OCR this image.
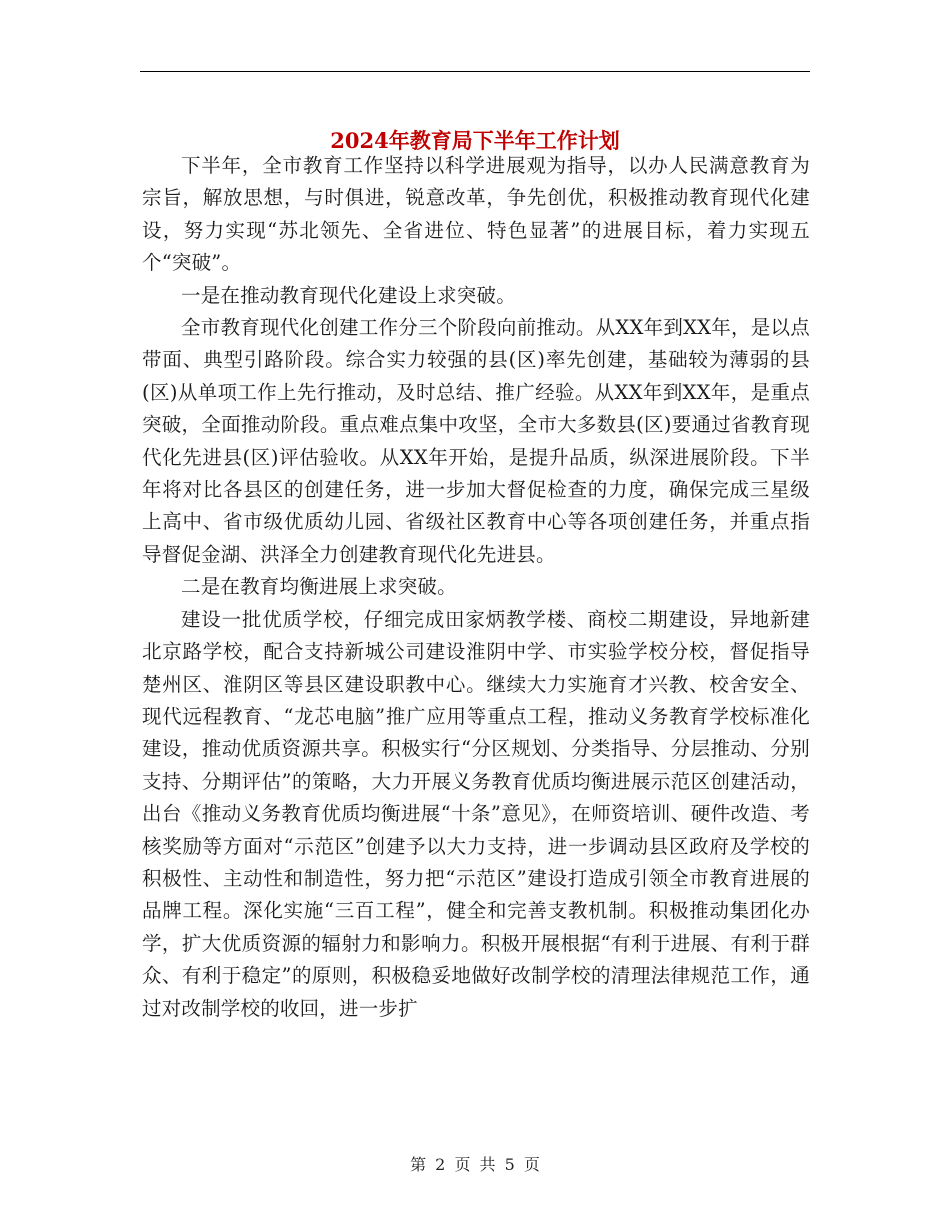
2024年教育局下半年工作计划

下半年，全市教育工作坚持以科学进展观为指导，以办人民满意教育为宗旨，解放思想，与时俱进，锐意改革，争先创优，积极推动教育现代化建设，努力实现“苏北领先、全省进位、特色显著”的进展目标，着力实现五个“突破”。

一是在推动教育现代化建设上求突破。

全市教育现代化创建工作分三个阶段向前推动。从XX年到XX年，是以点带面、典型引路阶段。综合实力较强的县(区)率先创建，基础较为薄弱的县(区)从单项工作上先行推动，及时总结、推广经验。从XX年到XX年，是重点突破，全面推动阶段。重点难点集中攻坚，全市大多数县(区)要通过省教育现代化先进县(区)评估验收。从XX年开始，是提升品质，纵深进展阶段。下半年将对比各县区的创建任务，进一步加大督促检查的力度，确保完成三星级上高中、省市级优质幼儿园、省级社区教育中心等各项创建任务，并重点指导督促金湖、洪泽全力创建教育现代化先进县。

二是在教育均衡进展上求突破。

建设一批优质学校，仔细完成田家炳教学楼、商校二期建设，异地新建北京路学校，配合支持新城公司建设淮阴中学、市实验学校分校，督促指导楚州区、淮阴区等县区建设职教中心。继续大力实施育才兴教、校舍安全、现代远程教育、“龙芯电脑”推广应用等重点工程，推动义务教育学校标准化建设，推动优质资源共享。积极实行“分区规划、分类指导、分层推动、分别支持、分期评估”的策略，大力开展义务教育优质均衡进展示范区创建活动，出台《推动义务教育优质均衡进展“十条”意见》，在师资培训、硬件改造、考核奖励等方面对“示范区”创建予以大力支持，进一步调动县区政府及学校的积极性、主动性和制造性，努力把“示范区”建设打造成引领全市教育进展的品牌工程。深化实施“三百工程”，健全和完善支教机制。积极推动集团化办学，扩大优质资源的辐射力和影响力。积极开展根据“有利于进展、有利于群众、有利于稳定”的原则，积极稳妥地做好改制学校的清理法律规范工作，通过对改制学校的收回，进一步扩

第 2 页 共 5 页
